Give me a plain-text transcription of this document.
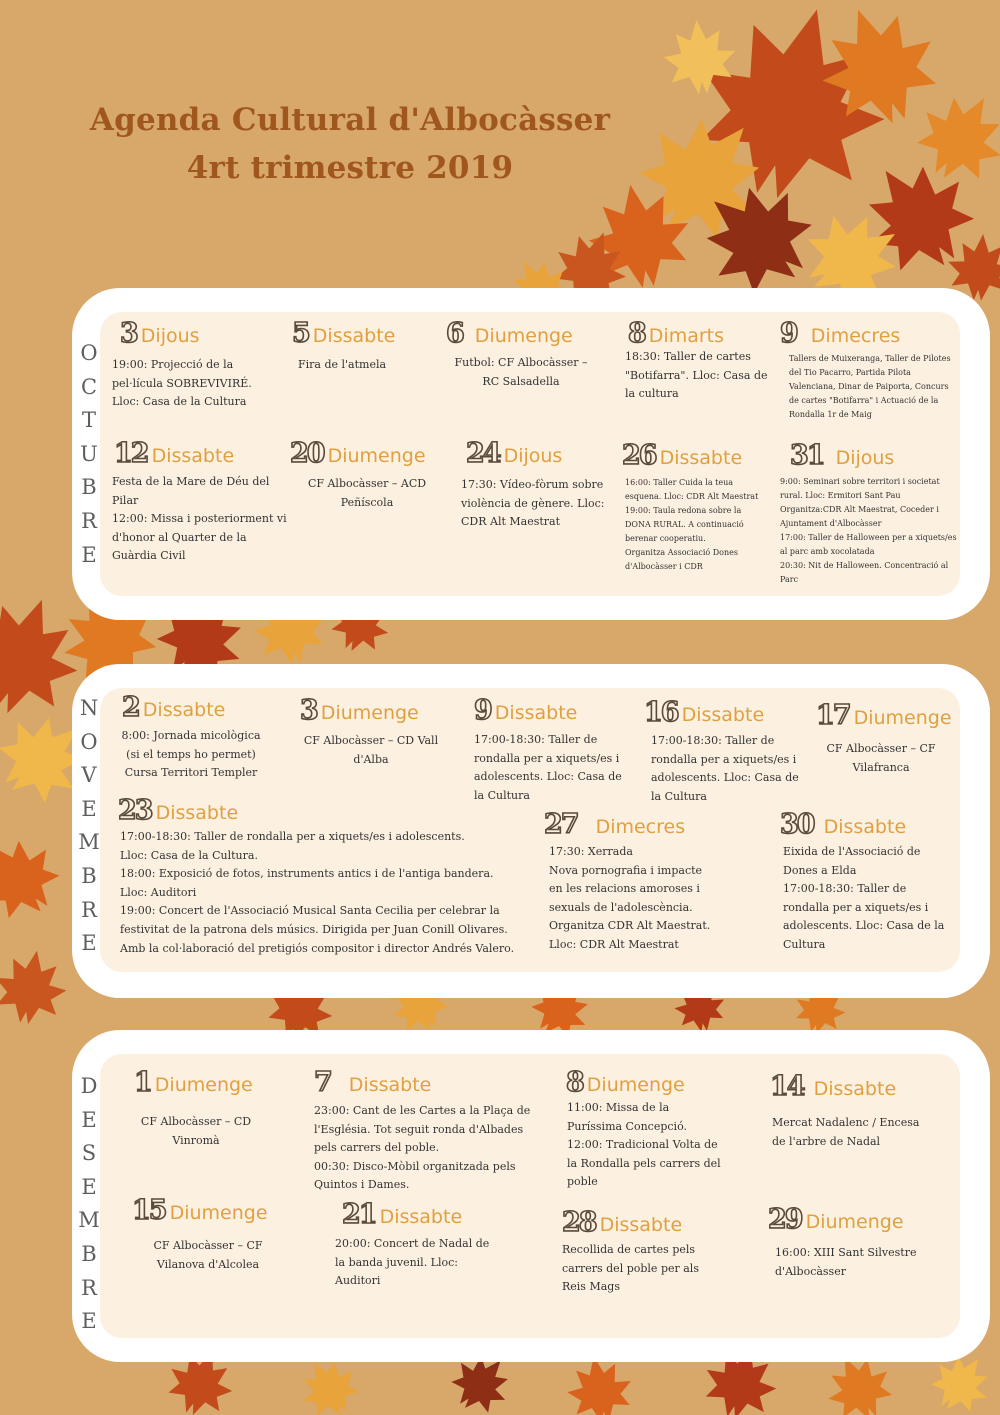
Agenda Cultural d'Albocàsser
4rt trimestre 2019
O
C
T
U
B
R
E
N
O
V
E
M
B
R
E
D
E
S
E
M
B
R
E
3 Dijous
19:00: Projecció de la
pel·lícula SOBREVIVIRÉ.
Lloc: Casa de la Cultura
5 Dissabte
Fira de l'atmela
6 Diumenge
Futbol: CF Albocàsser –
RC Salsadella
8 Dimarts
18:30: Taller de cartes
"Botifarra". Lloc: Casa de
la cultura
9 Dimecres
Tallers de Muixeranga, Taller de Pilotes
del Tio Pacarro, Partida Pilota
Valenciana, Dinar de Paiporta, Concurs
de cartes "Botifarra" i Actuació de la
Rondalla 1r de Maig
12 Dissabte
Festa de la Mare de Déu del
Pilar
12:00: Missa i posteriorment vi
d'honor al Quarter de la
Guàrdia Civil
20 Diumenge
CF Albocàsser – ACD
Peñíscola
24 Dijous
17:30: Vídeo-fòrum sobre
violència de gènere. Lloc:
CDR Alt Maestrat
26 Dissabte
16:00: Taller Cuida la teua
esquena. Lloc: CDR Alt Maestrat
19:00: Taula redona sobre la
DONA RURAL. A continuació
berenar cooperatiu.
Organitza Associació Dones
d'Albocàsser i CDR
31 Dijous
9:00: Seminari sobre territori i societat
rural. Lloc: Ermitori Sant Pau
Organitza:CDR Alt Maestrat, Coceder i
Ajuntament d'Albocàsser
17:00: Taller de Halloween per a xiquets/es
al parc amb xocolatada
20:30: Nit de Halloween. Concentració al
Parc
2 Dissabte
8:00: Jornada micològica
(si el temps ho permet)
Cursa Territori Templer
3 Diumenge
CF Albocàsser – CD Vall
d'Alba
9 Dissabte
17:00-18:30: Taller de
rondalla per a xiquets/es i
adolescents. Lloc: Casa de
la Cultura
16 Dissabte
17:00-18:30: Taller de
rondalla per a xiquets/es i
adolescents. Lloc: Casa de
la Cultura
17 Diumenge
CF Albocàsser – CF
Vilafranca
23 Dissabte
17:00-18:30: Taller de rondalla per a xiquets/es i adolescents.
Lloc: Casa de la Cultura.
18:00: Exposició de fotos, instruments antics i de l'antiga bandera.
Lloc: Auditori
19:00: Concert de l'Associació Musical Santa Cecilia per celebrar la
festivitat de la patrona dels músics. Dirigida per Juan Conill Olivares.
Amb la col·laboració del pretigiós compositor i director Andrés Valero.
27 Dimecres
17:30: Xerrada
Nova pornografia i impacte
en les relacions amoroses i
sexuals de l'adolescència.
Organitza CDR Alt Maestrat.
Lloc: CDR Alt Maestrat
30 Dissabte
Eixida de l'Associació de
Dones a Elda
17:00-18:30: Taller de
rondalla per a xiquets/es i
adolescents. Lloc: Casa de la
Cultura
1 Diumenge
CF Albocàsser – CD
Vinromà
7 Dissabte
23:00: Cant de les Cartes a la Plaça de
l'Església. Tot seguit ronda d'Albades
pels carrers del poble.
00:30: Disco-Mòbil organitzada pels
Quintos i Dames.
8 Diumenge
11:00: Missa de la
Puríssima Concepció.
12:00: Tradicional Volta de
la Rondalla pels carrers del
poble
14 Dissabte
Mercat Nadalenc / Encesa
de l'arbre de Nadal
15 Diumenge
CF Albocàsser – CF
Vilanova d'Alcolea
21 Dissabte
20:00: Concert de Nadal de
la banda juvenil. Lloc:
Auditori
28 Dissabte
Recollida de cartes pels
carrers del poble per als
Reis Mags
29 Diumenge
16:00: XIII Sant Silvestre
d'Albocàsser
